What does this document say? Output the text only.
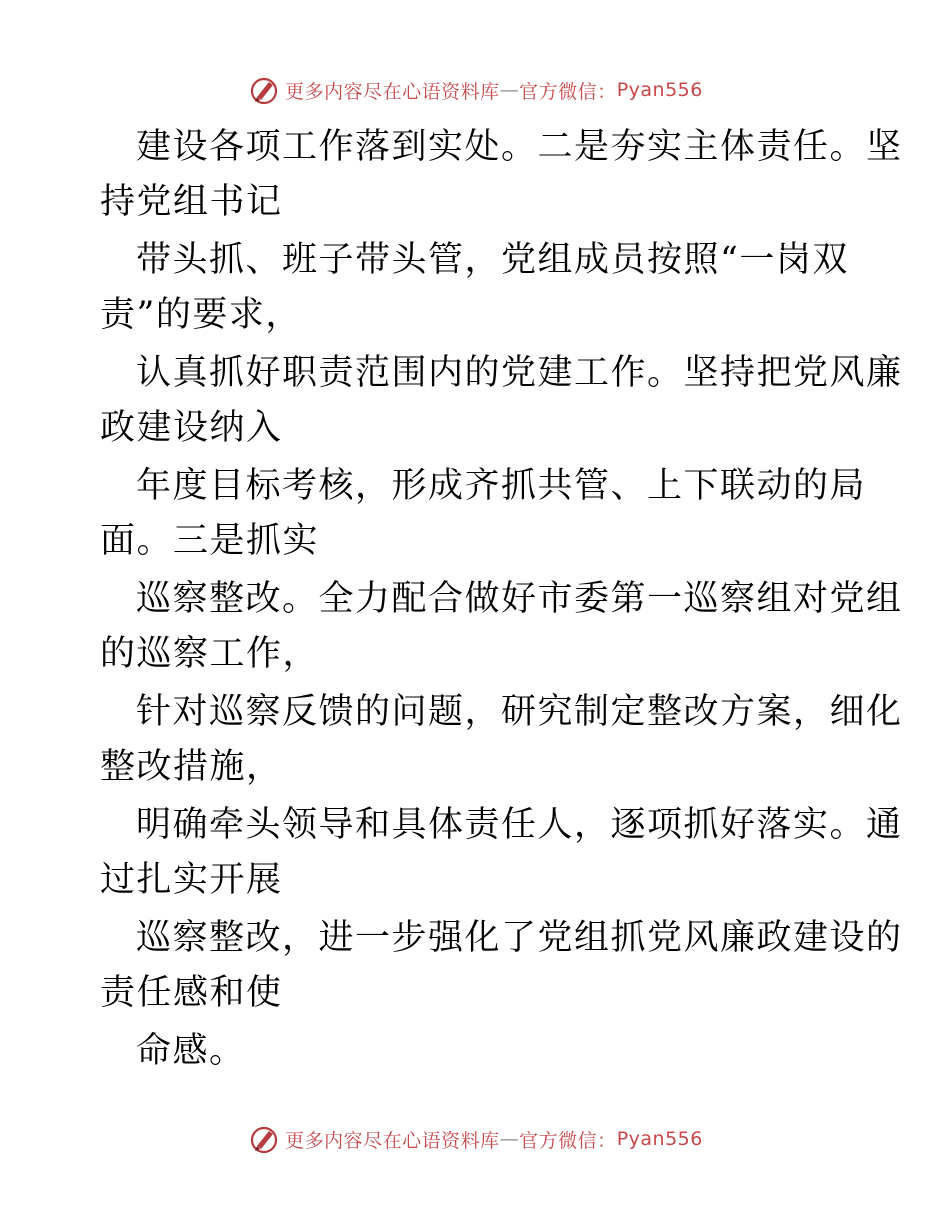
更多内容尽在心语资料库 — 官方微信： Pyan556
建设各项工作落到实处。二是夯实主体责任。坚
持党组书记
带头抓、班子带头管，党组成员按照“一岗双
责”的要求，
认真抓好职责范围内的党建工作。坚持把党风廉
政建设纳入
年度目标考核，形成齐抓共管、上下联动的局
面。三是抓实
巡察整改。全力配合做好市委第一巡察组对党组
的巡察工作，
针对巡察反馈的问题，研究制定整改方案，细化
整改措施，
明确牵头领导和具体责任人，逐项抓好落实。通
过扎实开展
巡察整改，进一步强化了党组抓党风廉政建设的
责任感和使
命感。
更多内容尽在心语资料库 — 官方微信： Pyan556
